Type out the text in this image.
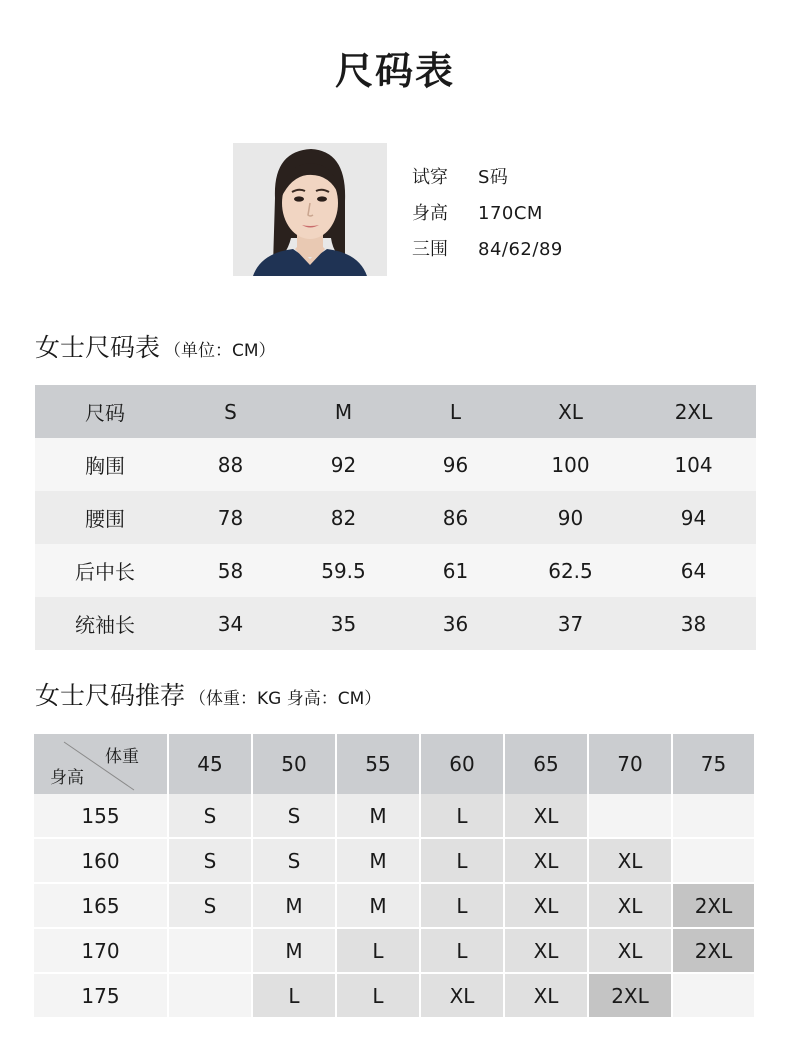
尺码表
试穿	S码
身高	170CM
三围	84/62/89
女士尺码表 （单位：CM）
尺码	S	M	L	XL	2XL
胸围	88	92	96	100	104
腰围	78	82	86	90	94
后中长	58	59.5	61	62.5	64
统袖长	34	35	36	37	38
女士尺码推荐 （体重：KG 身高：CM）
体重
身高	45	50	55	60	65	70	75
155	S	S	M	L	XL		
160	S	S	M	L	XL	XL	
165	S	M	M	L	XL	XL	2XL
170		M	L	L	XL	XL	2XL
175		L	L	XL	XL	2XL	
